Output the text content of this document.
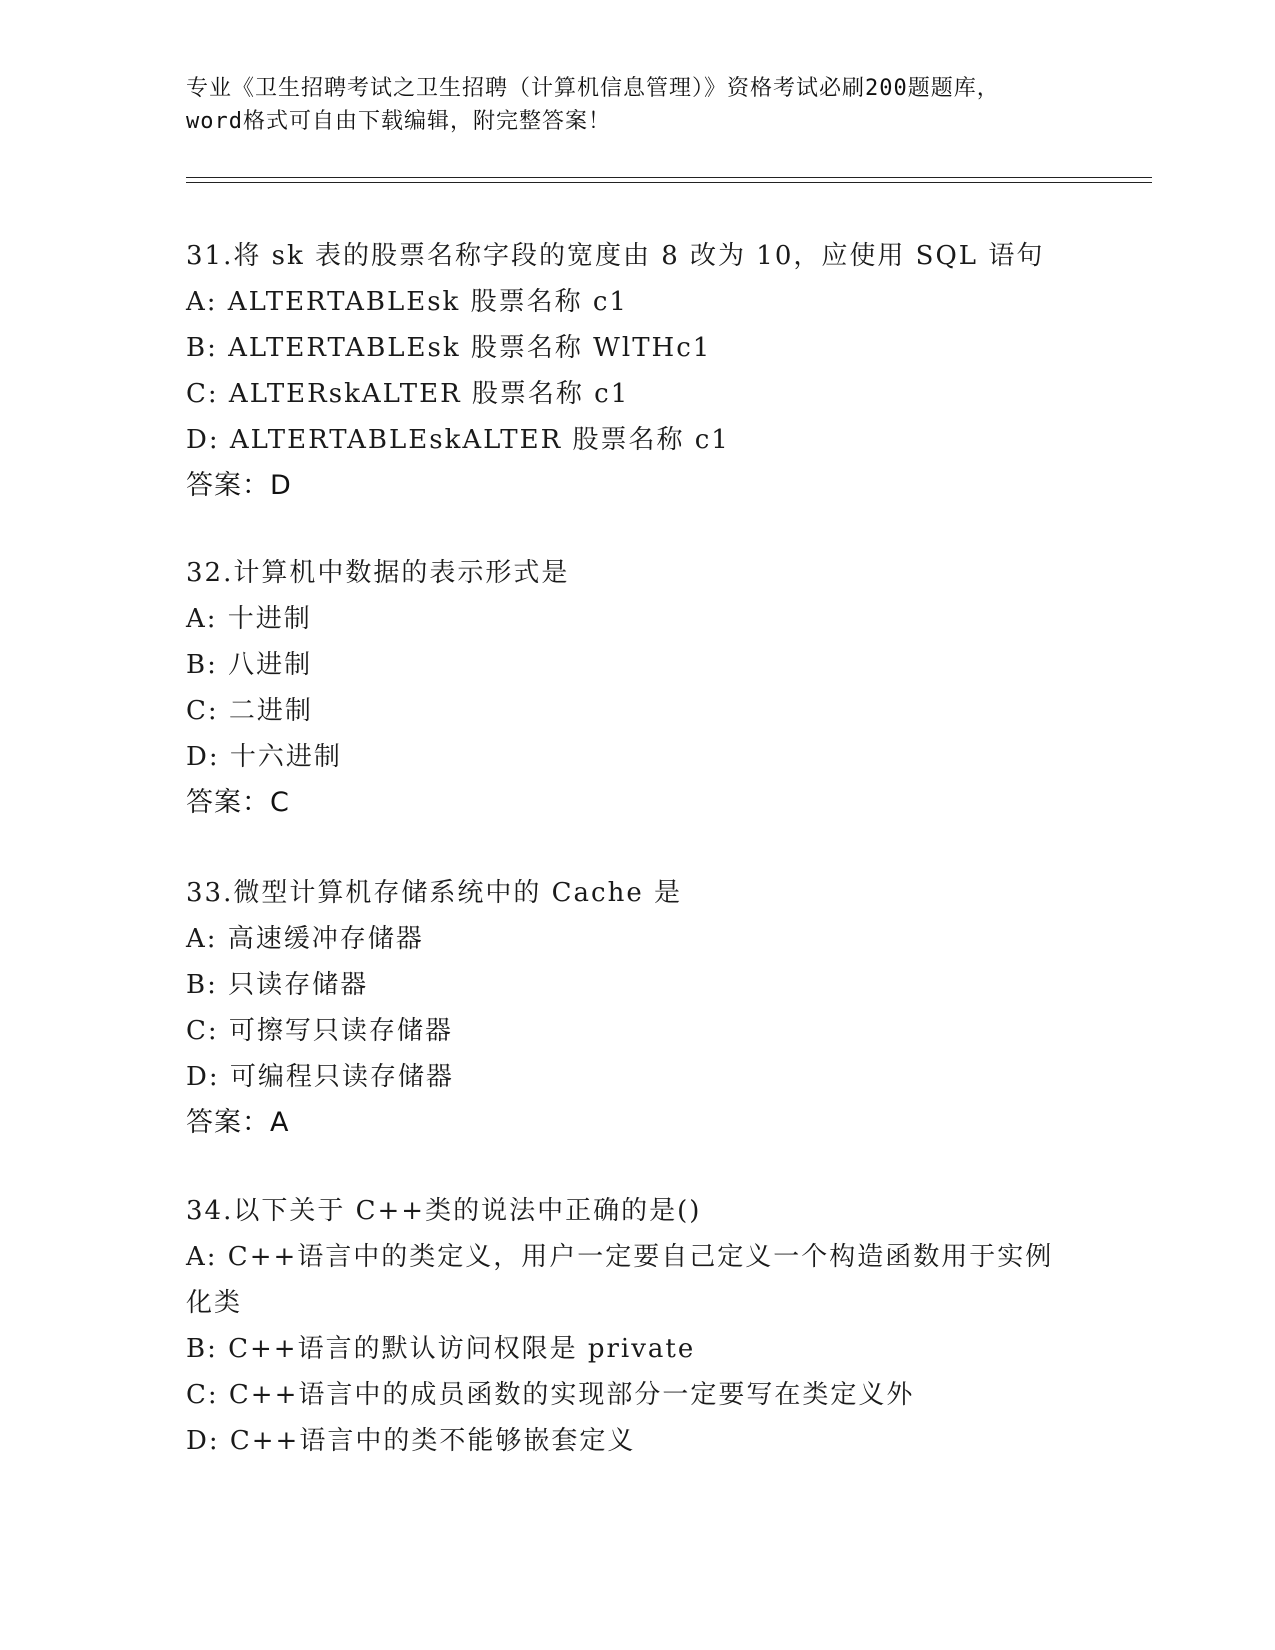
专业《卫生招聘考试之卫生招聘（计算机信息管理）》资格考试必刷200题题库，
word格式可自由下载编辑，附完整答案！
31.将 sk 表的股票名称字段的宽度由 8 改为 10，应使用 SQL 语句
A: ALTERTABLEsk 股票名称 c1
B: ALTERTABLEsk 股票名称 WlTHc1
C: ALTERskALTER 股票名称 c1
D: ALTERTABLEskALTER 股票名称 c1
答案：D
32.计算机中数据的表示形式是
A: 十进制
B: 八进制
C: 二进制
D: 十六进制
答案：C
33.微型计算机存储系统中的 Cache 是
A: 高速缓冲存储器
B: 只读存储器
C: 可擦写只读存储器
D: 可编程只读存储器
答案：A
34.以下关于 C++类的说法中正确的是()
A: C++语言中的类定义，用户一定要自己定义一个构造函数用于实例化类
B: C++语言的默认访问权限是 private
C: C++语言中的成员函数的实现部分一定要写在类定义外
D: C++语言中的类不能够嵌套定义
